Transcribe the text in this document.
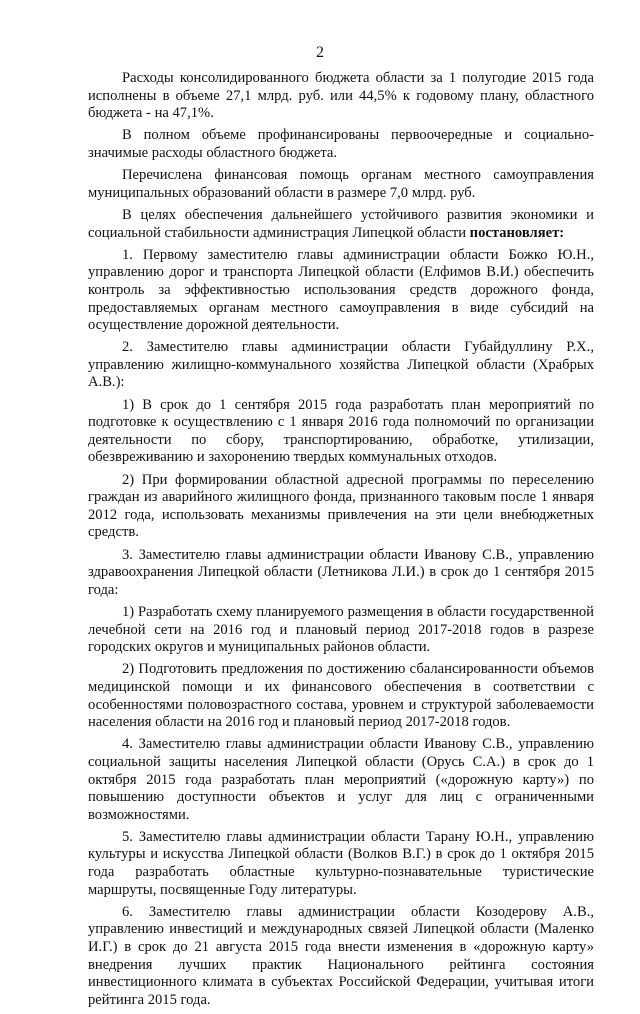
2

Расходы консолидированного бюджета области за 1 полугодие 2015 года исполнены в объеме 27,1 млрд. руб. или 44,5% к годовому плану, областного бюджета - на 47,1%.

В полном объеме профинансированы первоочередные и социально-значимые расходы областного бюджета.

Перечислена финансовая помощь органам местного самоуправления муниципальных образований области в размере 7,0 млрд. руб.

В целях обеспечения дальнейшего устойчивого развития экономики и социальной стабильности администрация Липецкой области постановляет:

1. Первому заместителю главы администрации области Божко Ю.Н., управлению дорог и транспорта Липецкой области (Елфимов В.И.) обеспечить контроль за эффективностью использования средств дорожного фонда, предоставляемых органам местного самоуправления в виде субсидий на осуществление дорожной деятельности.

2. Заместителю главы администрации области Губайдуллину Р.Х., управлению жилищно-коммунального хозяйства Липецкой области (Храбрых А.В.):

1) В срок до 1 сентября 2015 года разработать план мероприятий по подготовке к осуществлению с 1 января 2016 года полномочий по организации деятельности по сбору, транспортированию, обработке, утилизации, обезвреживанию и захоронению твердых коммунальных отходов.

2) При формировании областной адресной программы по переселению граждан из аварийного жилищного фонда, признанного таковым после 1 января 2012 года, использовать механизмы привлечения на эти цели внебюджетных средств.

3. Заместителю главы администрации области Иванову С.В., управлению здравоохранения Липецкой области (Летникова Л.И.) в срок до 1 сентября 2015 года:

1) Разработать схему планируемого размещения в области государственной лечебной сети на 2016 год и плановый период 2017-2018 годов в разрезе городских округов и муниципальных районов области.

2) Подготовить предложения по достижению сбалансированности объемов медицинской помощи и их финансового обеспечения в соответствии с особенностями половозрастного состава, уровнем и структурой заболеваемости населения области на 2016 год и плановый период 2017-2018 годов.

4. Заместителю главы администрации области Иванову С.В., управлению социальной защиты населения Липецкой области (Орусь С.А.) в срок до 1 октября 2015 года разработать план мероприятий («дорожную карту») по повышению доступности объектов и услуг для лиц с ограниченными возможностями.

5. Заместителю главы администрации области Тарану Ю.Н., управлению культуры и искусства Липецкой области (Волков В.Г.) в срок до 1 октября 2015 года разработать областные культурно-познавательные туристические маршруты, посвященные Году литературы.

6. Заместителю главы администрации области Козодерову А.В., управлению инвестиций и международных связей Липецкой области (Маленко И.Г.) в срок до 21 августа 2015 года внести изменения в «дорожную карту» внедрения лучших практик Национального рейтинга состояния инвестиционного климата в субъектах Российской Федерации, учитывая итоги рейтинга 2015 года.
